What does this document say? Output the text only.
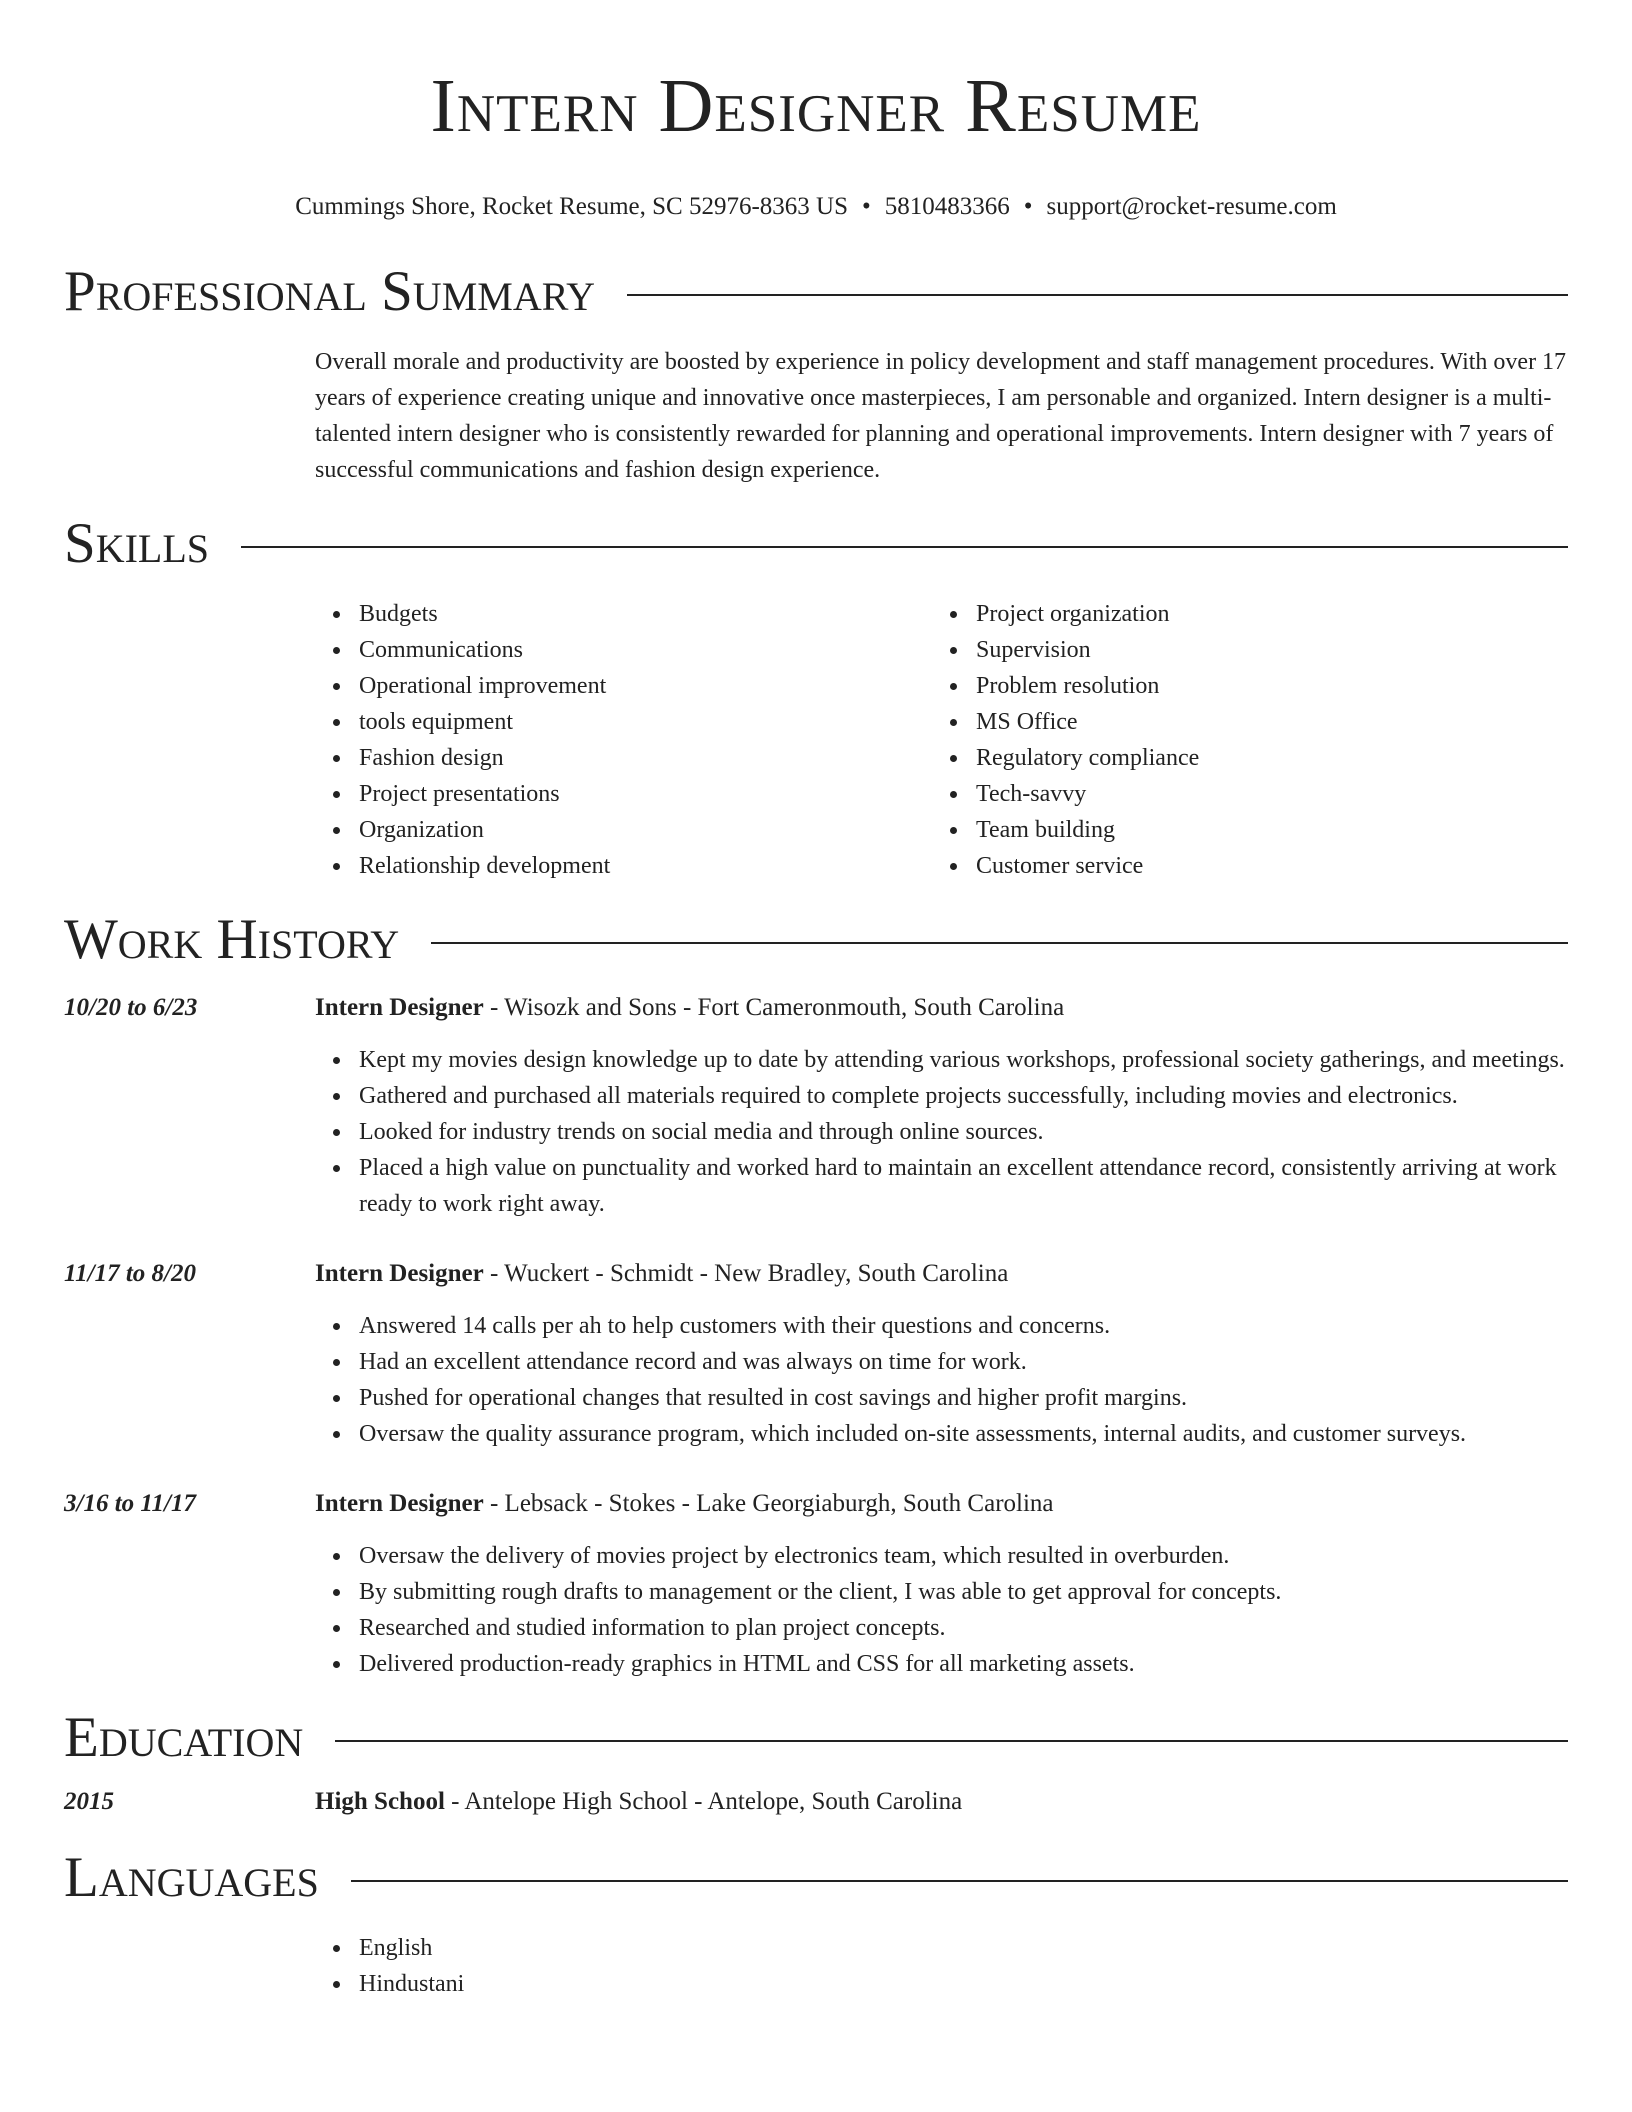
Intern Designer Resume
Cummings Shore, Rocket Resume, SC 52976-8363 US • 5810483366 • support@rocket-resume.com
Professional Summary

Overall morale and productivity are boosted by experience in policy development and staff management procedures. With over 17 years of experience creating unique and innovative once masterpieces, I am personable and organized. Intern designer is a multi-talented intern designer who is consistently rewarded for planning and operational improvements. Intern designer with 7 years of successful communications and fashion design experience.

Skills
Budgets
Communications
Operational improvement
tools equipment
Fashion design
Project presentations
Organization
Relationship development
Project organization
Supervision
Problem resolution
MS Office
Regulatory compliance
Tech-savvy
Team building
Customer service
Work History
10/20 to 6/23	Intern Designer - Wisozk and Sons - Fort Cameronmouth, South Carolina
Kept my movies design knowledge up to date by attending various workshops, professional society gatherings, and meetings.
Gathered and purchased all materials required to complete projects successfully, including movies and electronics.
Looked for industry trends on social media and through online sources.
Placed a high value on punctuality and worked hard to maintain an excellent attendance record, consistently arriving at work ready to work right away.
11/17 to 8/20	Intern Designer - Wuckert - Schmidt - New Bradley, South Carolina
Answered 14 calls per ah to help customers with their questions and concerns.
Had an excellent attendance record and was always on time for work.
Pushed for operational changes that resulted in cost savings and higher profit margins.
Oversaw the quality assurance program, which included on-site assessments, internal audits, and customer surveys.
3/16 to 11/17	Intern Designer - Lebsack - Stokes - Lake Georgiaburgh, South Carolina
Oversaw the delivery of movies project by electronics team, which resulted in overburden.
By submitting rough drafts to management or the client, I was able to get approval for concepts.
Researched and studied information to plan project concepts.
Delivered production-ready graphics in HTML and CSS for all marketing assets.
Education
2015	High School - Antelope High School - Antelope, South Carolina
Languages
English
Hindustani
